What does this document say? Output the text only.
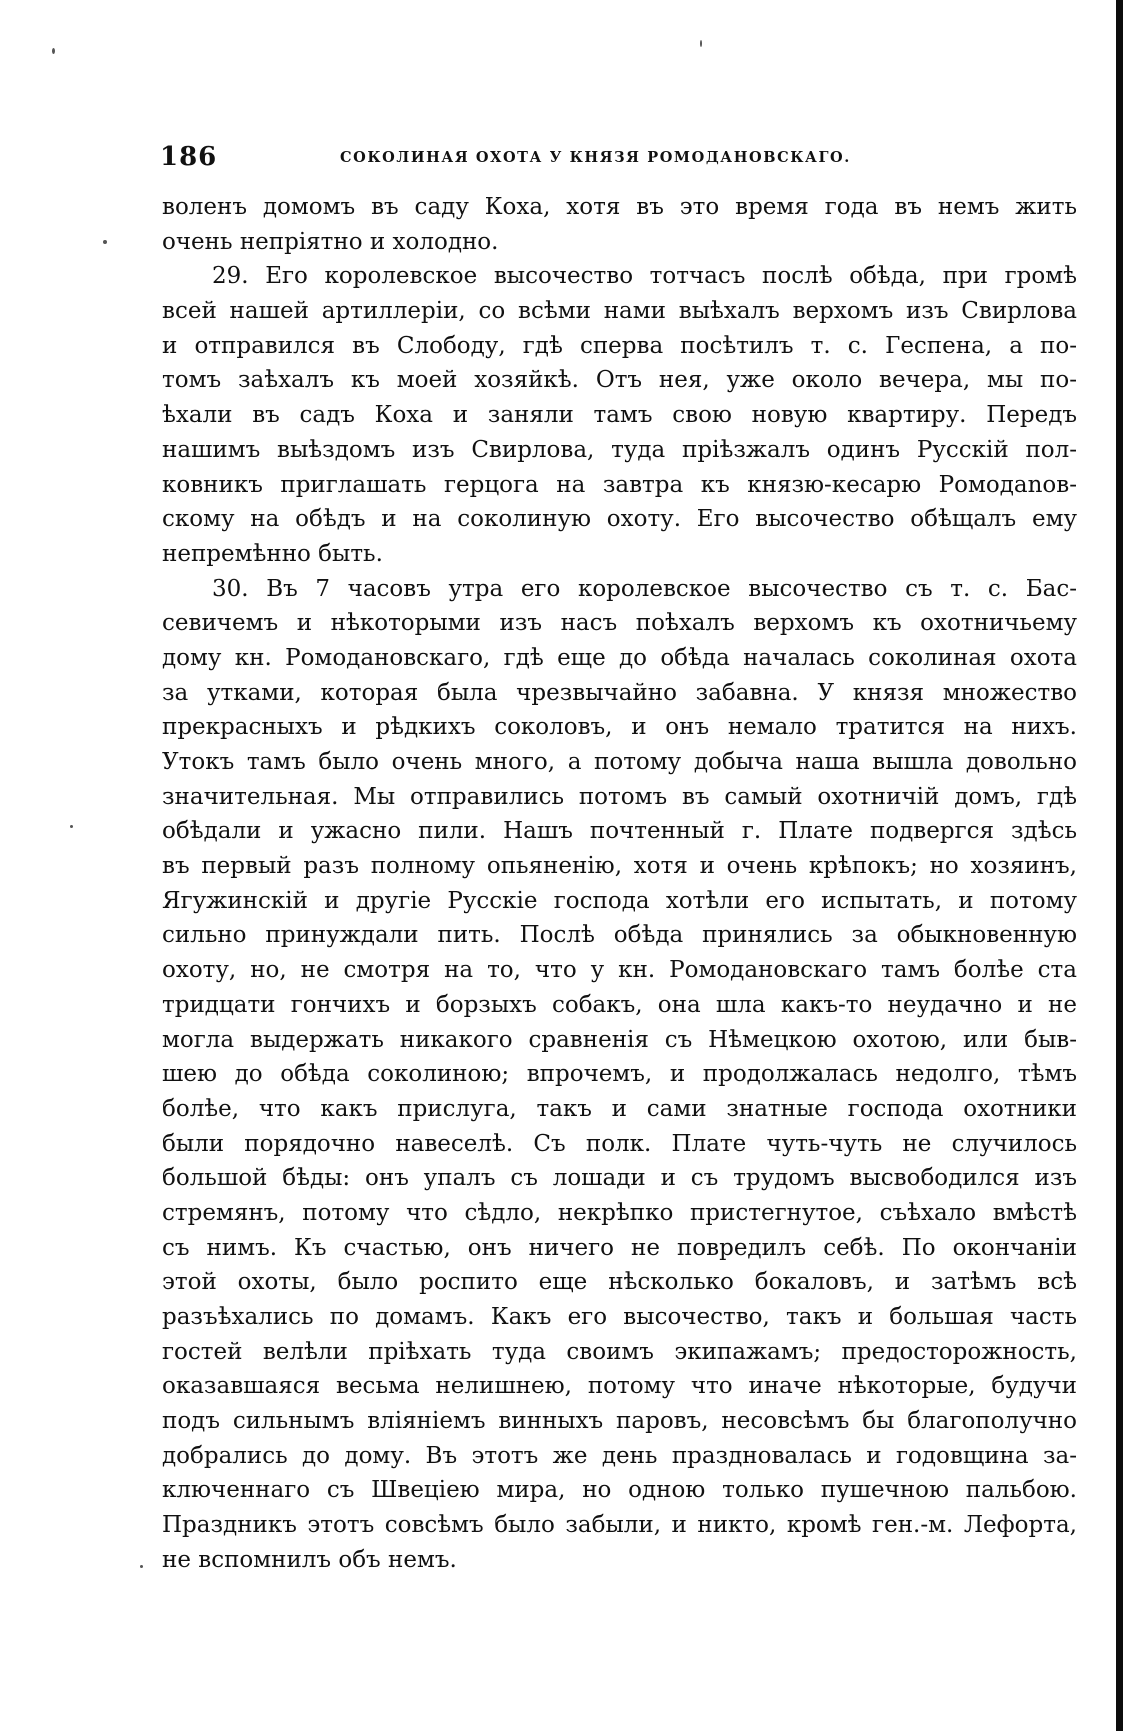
186	СОКОЛИНАЯ ОХОТА У КНЯЗЯ РОМОДАНОВСКАГО.
воленъ домомъ въ саду Коха, хотя въ это время года въ немъ жить
очень непріятно и холодно.
29. Его королевское высочество тотчасъ послѣ обѣда, при громѣ
всей нашей артиллеріи, со всѣми нами выѣхалъ верхомъ изъ Свирлова
и отправился въ Слободу, гдѣ сперва посѣтилъ т. с. Геспена, а по-
томъ заѣхалъ къ моей хозяйкѣ. Отъ нея, уже около вечера, мы по-
ѣхали въ садъ Коха и заняли тамъ свою новую квартиру. Передъ
нашимъ выѣздомъ изъ Свирлова, туда пріѣзжалъ одинъ Русскій пол-
ковникъ приглашать герцога на завтра къ князю-кесарю Ромодanов-
скому на обѣдъ и на соколиную охоту. Его высочество обѣщалъ ему
непремѣнно быть.
30. Въ 7 часовъ утра его королевское высочество съ т. с. Бас-
севичемъ и нѣкоторыми изъ насъ поѣхалъ верхомъ къ охотничьему
дому кн. Ромодановскаго, гдѣ еще до обѣда началась соколиная охота
за утками, которая была чрезвычайно забавна. У князя множество
прекрасныхъ и рѣдкихъ соколовъ, и онъ немало тратится на нихъ.
Утокъ тамъ было очень много, а потому добыча наша вышла довольно
значительная. Мы отправились потомъ въ самый охотничій домъ, гдѣ
обѣдали и ужасно пили. Нашъ почтенный г. Плате подвергся здѣсь
въ первый разъ полному опьяненію, хотя и очень крѣпокъ; но хозяинъ,
Ягужинскій и другіе Русскіе господа хотѣли его испытать, и потому
сильно принуждали пить. Послѣ обѣда принялись за обыкновенную
охоту, но, не смотря на то, что у кн. Ромодановскаго тамъ болѣе ста
тридцати гончихъ и борзыхъ собакъ, она шла какъ-то неудачно и не
могла выдержать никакого сравненія съ Нѣмецкою охотою, или быв-
шею до обѣда соколиною; впрочемъ, и продолжалась недолго, тѣмъ
болѣе, что какъ прислуга, такъ и сами знатные господа охотники
были порядочно навеселѣ. Съ полк. Плате чуть-чуть не случилось
большой бѣды: онъ упалъ съ лошади и съ трудомъ высвободился изъ
стремянъ, потому что сѣдло, некрѣпко пристегнутое, съѣхало вмѣстѣ
съ нимъ. Къ счастью, онъ ничего не повредилъ себѣ. По окончаніи
этой охоты, было роспито еще нѣсколько бокаловъ, и затѣмъ всѣ
разъѣхались по домамъ. Какъ его высочество, такъ и большая часть
гостей велѣли пріѣхать туда своимъ экипажамъ; предосторожность,
оказавшаяся весьма нелишнею, потому что иначе нѣкоторые, будучи
подъ сильнымъ вліяніемъ винныхъ паровъ, несовсѣмъ бы благополучно
добрались до дому. Въ этотъ же день праздновалась и годовщина за-
ключеннаго съ Швеціею мира, но одною только пушечною пальбою.
Праздникъ этотъ совсѣмъ было забыли, и никто, кромѣ ген.-м. Лефорта,
не вспомнилъ объ немъ.
